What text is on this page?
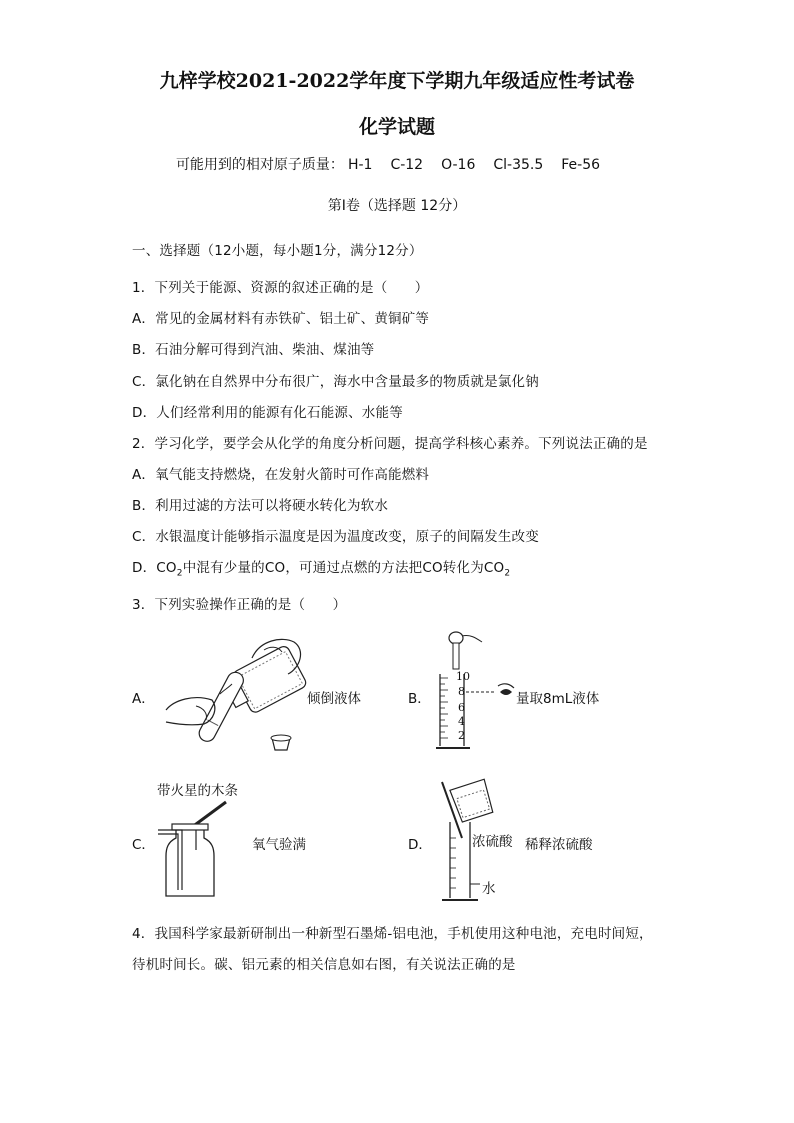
九梓学校2021-2022学年度下学期九年级适应性考试卷
化学试题
可能用到的相对原子质量： H-1 C-12 O-16 Cl-35.5 Fe-56
第Ⅰ卷（选择题 12分）
一、选择题（12小题，每小题1分，满分12分）
1．下列关于能源、资源的叙述正确的是（　　）
A．常见的金属材料有赤铁矿、铝土矿、黄铜矿等
B．石油分解可得到汽油、柴油、煤油等
C．氯化钠在自然界中分布很广，海水中含量最多的物质就是氯化钠
D．人们经常利用的能源有化石能源、水能等
2．学习化学，要学会从化学的角度分析问题，提高学科核心素养。下列说法正确的是
A．氧气能支持燃烧，在发射火箭时可作高能燃料
B．利用过滤的方法可以将硬水转化为软水
C．水银温度计能够指示温度是因为温度改变，原子的间隔发生改变
D．$CO_2$中混有少量的CO，可通过点燃的方法把CO转化为$CO_2$
3．下列实验操作正确的是（　　）
A．	倾倒液体	B．
10
8
6
4
2
量取8mL液体
带火星的木条
C．	氧气验满	D．	浓硫酸 稀释浓硫酸
水
4．我国科学家最新研制出一种新型石墨烯-铝电池，手机使用这种电池，充电时间短，
待机时间长。碳、铝元素的相关信息如右图，有关说法正确的是
